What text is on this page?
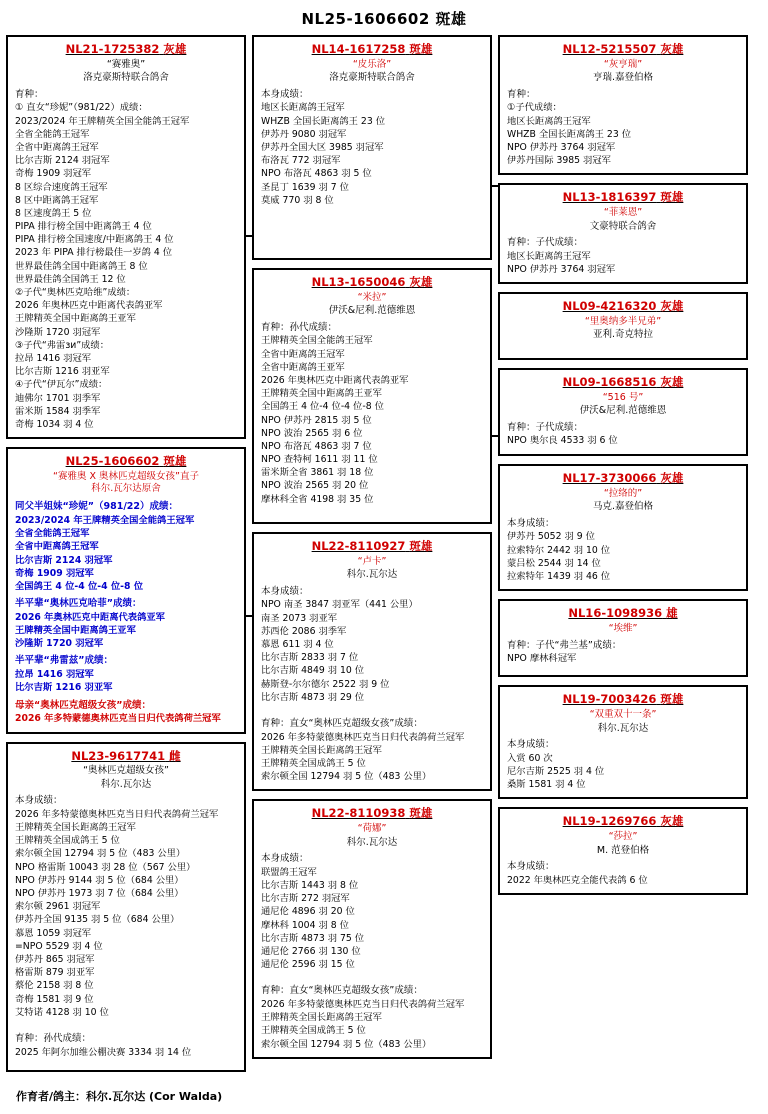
NL25-1606602 斑雄
NL21-1725382 灰雄
“赛雅奥”
洛克豪斯特联合鸽舍
育种：
① 直女“珍妮”（981/22）成绩：
2023/2024 年王牌精英全国全能鸽王冠军
全省全能鸽王冠军
全省中距离鸽王冠军
比尔吉斯 2124 羽冠军
奇梅 1909 羽冠军
8 区综合速度鸽王冠军
8 区中距离鸽王冠军
8 区速度鸽王 5 位
PIPA 排行榜全国中距离鸽王 4 位
PIPA 排行榜全国速度/中距离鸽王 4 位
2023 年 PIPA 排行榜最佳一岁鸽 4 位
世界最佳鸽全国中距离鸽王 8 位
世界最佳鸽全国鸽王 12 位
②子代“奥林匹克哈维”成绩：
2026 年奥林匹克中距离代表鸽亚军
王牌精英全国中距离鸽王亚军
沙隆斯 1720 羽冠军
③子代“弗雷зи”成绩：
拉昂 1416 羽冠军
比尔吉斯 1216 羽亚军
④子代“伊瓦尔”成绩：
迪佛尔 1701 羽季军
雷米斯 1584 羽季军
奇梅 1034 羽 4 位
NL25-1606602 斑雄
“赛雅奥 X 奥林匹克超级女孩”直子
科尔.瓦尔达原舍
同父半姐妹“珍妮”（981/22）成绩：
2023/2024 年王牌精英全国全能鸽王冠军
全省全能鸽王冠军
全省中距离鸽王冠军
比尔吉斯 2124 羽冠军
奇梅 1909 羽冠军
全国鸽王 4 位-4 位-4 位-8 位
半平辈“奥林匹克哈菲”成绩：
2026 年奥林匹克中距离代表鸽亚军
王牌精英全国中距离鸽王亚军
沙隆斯 1720 羽冠军
半平辈“弗雷兹”成绩：
拉昂 1416 羽冠军
比尔吉斯 1216 羽亚军
母亲“奥林匹克超级女孩”成绩：
2026 年多特蒙德奥林匹克当日归代表鸽荷兰冠军
NL23-9617741 雌
“奥林匹克超级女孩”
科尔.瓦尔达
本身成绩：
2026 年多特蒙德奥林匹克当日归代表鸽荷兰冠军
王牌精英全国长距离鸽王冠军
王牌精英全国成鸽王 5 位
索尔顿全国 12794 羽 5 位（483 公里）
NPO 格雷斯 10043 羽 28 位（567 公里）
NPO 伊苏丹 9144 羽 5 位（684 公里）
NPO 伊苏丹 1973 羽 7 位（684 公里）
索尔顿 2961 羽冠军
伊苏丹全国 9135 羽 5 位（684 公里）
慕恩 1059 羽冠军
=NPO 5529 羽 4 位
伊苏丹 865 羽冠军
格雷斯 879 羽亚军
蔡伦 2158 羽 8 位
奇梅 1581 羽 9 位
艾特诺 4128 羽 10 位
育种：孙代成绩：
2025 年阿尔加维公棚决赛 3334 羽 14 位
NL14-1617258 斑雄
“皮乐洛”
洛克豪斯特联合鸽舍
本身成绩：
地区长距离鸽王冠军
WHZB 全国长距离鸽王 23 位
伊苏丹 9080 羽冠军
伊苏丹全国大区 3985 羽冠军
布洛瓦 772 羽冠军
NPO 布洛瓦 4863 羽 5 位
圣昆丁 1639 羽 7 位
莫威 770 羽 8 位
NL13-1650046 灰雄
“米拉”
伊沃&尼利.范德维恩
育种：孙代成绩：
王牌精英全国全能鸽王冠军
全省中距离鸽王冠军
全省中距离鸽王亚军
2026 年奥林匹克中距离代表鸽亚军
王牌精英全国中距离鸽王亚军
全国鸽王 4 位-4 位-4 位-8 位
NPO 伊苏丹 2815 羽 5 位
NPO 波治 2565 羽 6 位
NPO 布洛瓦 4863 羽 7 位
NPO 查特柯 1611 羽 11 位
雷米斯全省 3861 羽 18 位
NPO 波治 2565 羽 20 位
摩林科全省 4198 羽 35 位
NL22-8110927 斑雄
“卢卡”
科尔.瓦尔达
本身成绩：
NPO 南圣 3847 羽亚军（441 公里）
南圣 2073 羽亚军
苏西伦 2086 羽季军
慕恩 611 羽 4 位
比尔吉斯 2833 羽 7 位
比尔吉斯 4849 羽 10 位
赫斯登-尔尔德尔 2522 羽 9 位
比尔吉斯 4873 羽 29 位
育种：直女“奥林匹克超级女孩”成绩：
2026 年多特蒙德奥林匹克当日归代表鸽荷兰冠军
王牌精英全国长距离鸽王冠军
王牌精英全国成鸽王 5 位
索尔顿全国 12794 羽 5 位（483 公里）
NL22-8110938 斑雄
“荷娜”
科尔.瓦尔达
本身成绩：
联盟鸽王冠军
比尔吉斯 1443 羽 8 位
比尔吉斯 272 羽冠军
通尼伦 4896 羽 20 位
摩林科 1004 羽 8 位
比尔吉斯 4873 羽 75 位
通尼伦 2766 羽 130 位
通尼伦 2596 羽 15 位
育种：直女“奥林匹克超级女孩”成绩：
2026 年多特蒙德奥林匹克当日归代表鸽荷兰冠军
王牌精英全国长距离鸽王冠军
王牌精英全国成鸽王 5 位
索尔顿全国 12794 羽 5 位（483 公里）
NL12-5215507 灰雄
“灰亨瑞”
亨瑞.嘉登伯格
育种：
①子代成绩：
地区长距离鸽王冠军
WHZB 全国长距离鸽王 23 位
NPO 伊苏丹 3764 羽冠军
伊苏丹国际 3985 羽冠军
NL13-1816397 斑雄
“菲莱恩”
文豪特联合鸽舍
育种：子代成绩：
地区长距离鸽王冠军
NPO 伊苏丹 3764 羽冠军
NL09-4216320 灰雄
“里奥纳多半兄弟”
亚利.奇克特拉
NL09-1668516 灰雄
“516 号”
伊沃&尼利.范德维恩
育种：子代成绩：
NPO 奥尔良 4533 羽 6 位
NL17-3730066 灰雄
“拉络的”
马克.嘉登伯格
本身成绩：
伊苏丹 5052 羽 9 位
拉索特尔 2442 羽 10 位
蒙吕松 2544 羽 14 位
拉索特年 1439 羽 46 位
NL16-1098936 雄
“埃维”
育种：子代“弗兰基”成绩：
NPO 摩林科冠军
NL19-7003426 斑雄
“双重双十一条”
科尔.瓦尔达
本身成绩：
入赏 60 次
尼尔吉斯 2525 羽 4 位
桑斯 1581 羽 4 位
NL19-1269766 灰雄
“莎拉”
M. 范登伯格
本身成绩：
2022 年奥林匹克全能代表鸽 6 位
作育者/鸽主：科尔.瓦尔达 (Cor Walda)
